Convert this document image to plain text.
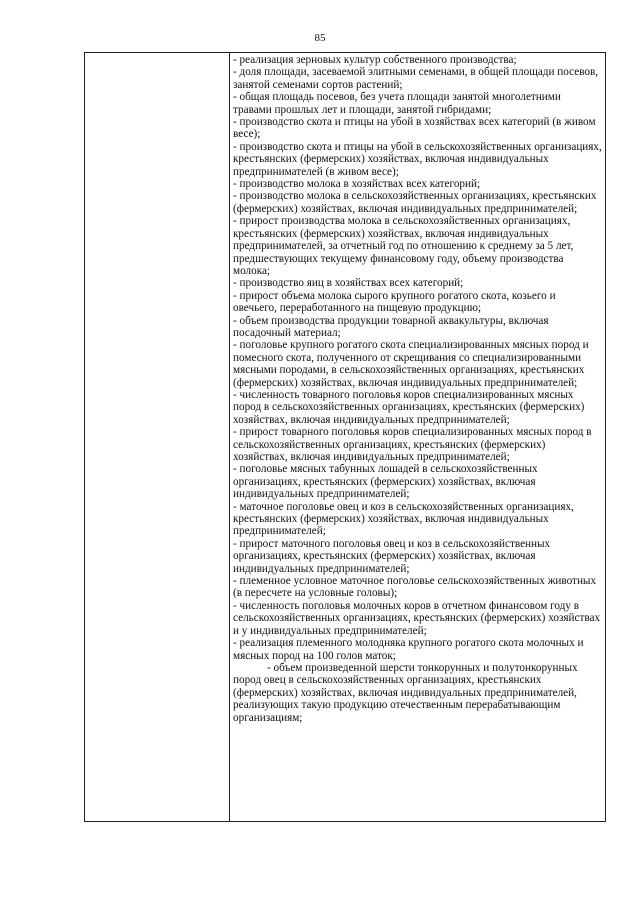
85

- реализация зерновых культур собственного производства;

- доля площади, засеваемой элитными семенами, в общей площади посевов, занятой семенами сортов растений;

- общая площадь посевов, без учета площади занятой многолетними травами прошлых лет и площади, занятой гибридами;

- производство скота и птицы на убой в хозяйствах всех категорий (в живом весе);

- производство скота и птицы на убой в сельскохозяйственных организациях, крестьянских (фермерских) хозяйствах, включая индивидуальных предпринимателей (в живом весе);

- производство молока в хозяйствах всех категорий;

- производство молока в сельскохозяйственных организациях, крестьянских (фермерских) хозяйствах, включая индивидуальных предпринимателей;

- прирост производства молока в сельскохозяйственных организациях, крестьянских (фермерских) хозяйствах, включая индивидуальных предпринимателей, за отчетный год по отношению к среднему за 5 лет, предшествующих текущему финансовому году, объему производства молока;

- производство яиц в хозяйствах всех категорий;

- прирост объема молока сырого крупного рогатого скота, козьего и овечьего, переработанного на пищевую продукцию;

- объем производства продукции товарной аквакультуры, включая посадочный материал;

- поголовье крупного рогатого скота специализированных мясных пород и помесного скота, полученного от скрещивания со специализированными мясными породами, в сельскохозяйственных организациях, крестьянских (фермерских) хозяйствах, включая индивидуальных предпринимателей;

- численность товарного поголовья коров специализированных мясных пород в сельскохозяйственных организациях, крестьянских (фермерских) хозяйствах, включая индивидуальных предпринимателей;

- прирост товарного поголовья коров специализированных мясных пород в сельскохозяйственных организациях, крестьянских (фермерских) хозяйствах, включая индивидуальных предпринимателей;

- поголовье мясных табунных лошадей в сельскохозяйственных организациях, крестьянских (фермерских) хозяйствах, включая индивидуальных предпринимателей;

- маточное поголовье овец и коз в сельскохозяйственных организациях, крестьянских (фермерских) хозяйствах, включая индивидуальных предпринимателей;

- прирост маточного поголовья овец и коз в сельскохозяйственных организациях, крестьянских (фермерских) хозяйствах, включая индивидуальных предпринимателей;

- племенное условное маточное поголовье сельскохозяйственных животных (в пересчете на условные головы);

- численность поголовья молочных коров в отчетном финансовом году в сельскохозяйственных организациях, крестьянских (фермерских) хозяйствах и у индивидуальных предпринимателей;

- реализация племенного молодняка крупного рогатого скота молочных и мясных пород на 100 голов маток;

- объем произведенной шерсти тонкорунных и полутонкорунных пород овец в сельскохозяйственных организациях, крестьянских (фермерских) хозяйствах, включая индивидуальных предпринимателей, реализующих такую продукцию отечественным перерабатывающим организациям;
